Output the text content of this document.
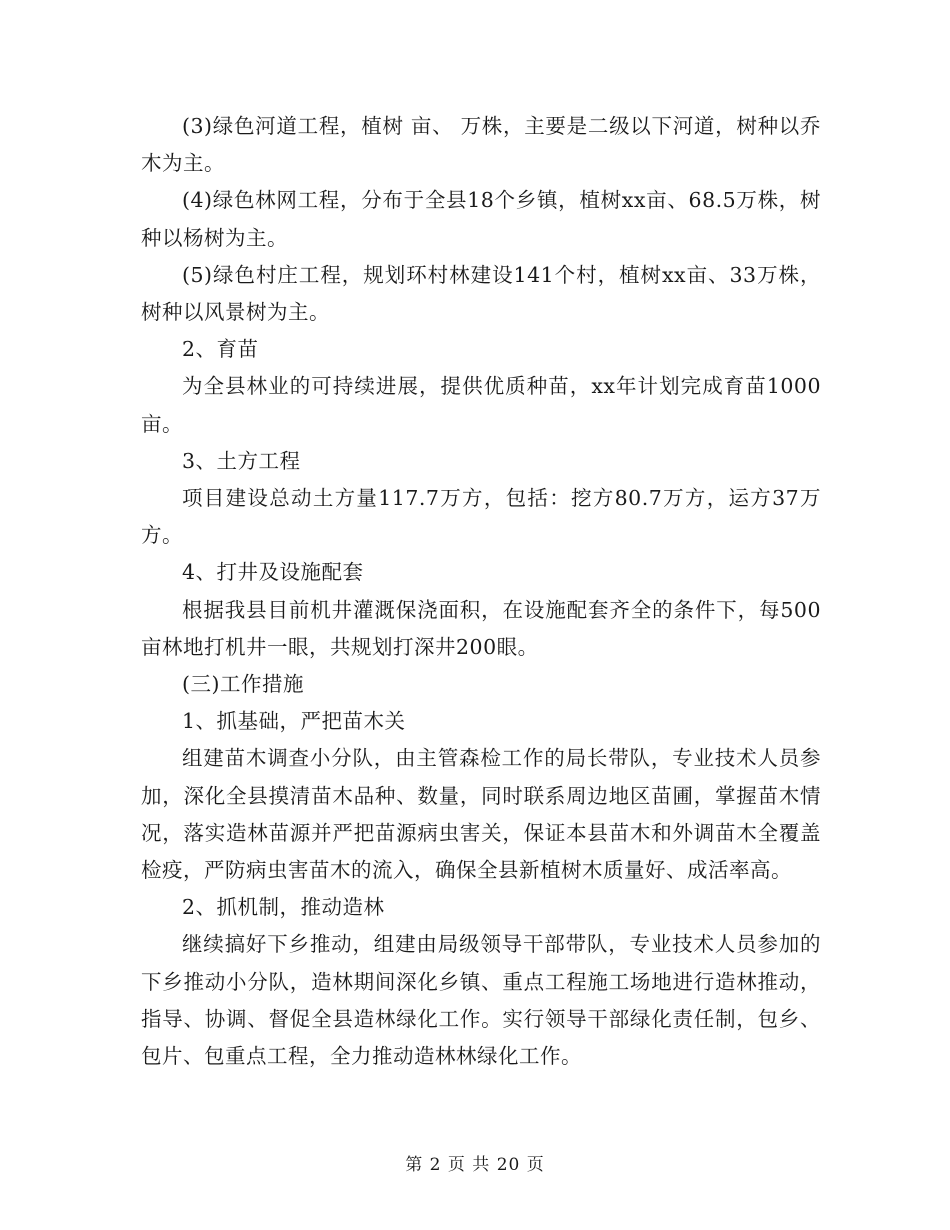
(3)绿色河道工程，植树 亩、 万株，主要是二级以下河道，树种以乔木为主。

(4)绿色林网工程，分布于全县18个乡镇，植树xx亩、68.5万株，树种以杨树为主。

(5)绿色村庄工程，规划环村林建设141个村，植树xx亩、33万株，树种以风景树为主。

2、育苗

为全县林业的可持续进展，提供优质种苗，xx年计划完成育苗1000亩。

3、土方工程

项目建设总动土方量117.7万方，包括：挖方80.7万方，运方37万方。

4、打井及设施配套

根据我县目前机井灌溉保浇面积，在设施配套齐全的条件下，每500亩林地打机井一眼，共规划打深井200眼。

(三)工作措施

1、抓基础，严把苗木关

组建苗木调查小分队，由主管森检工作的局长带队，专业技术人员参加，深化全县摸清苗木品种、数量，同时联系周边地区苗圃，掌握苗木情况，落实造林苗源并严把苗源病虫害关，保证本县苗木和外调苗木全覆盖检疫，严防病虫害苗木的流入，确保全县新植树木质量好、成活率高。

2、抓机制，推动造林

继续搞好下乡推动，组建由局级领导干部带队，专业技术人员参加的下乡推动小分队，造林期间深化乡镇、重点工程施工场地进行造林推动，指导、协调、督促全县造林绿化工作。实行领导干部绿化责任制，包乡、包片、包重点工程，全力推动造林林绿化工作。

第 2 页 共 20 页
